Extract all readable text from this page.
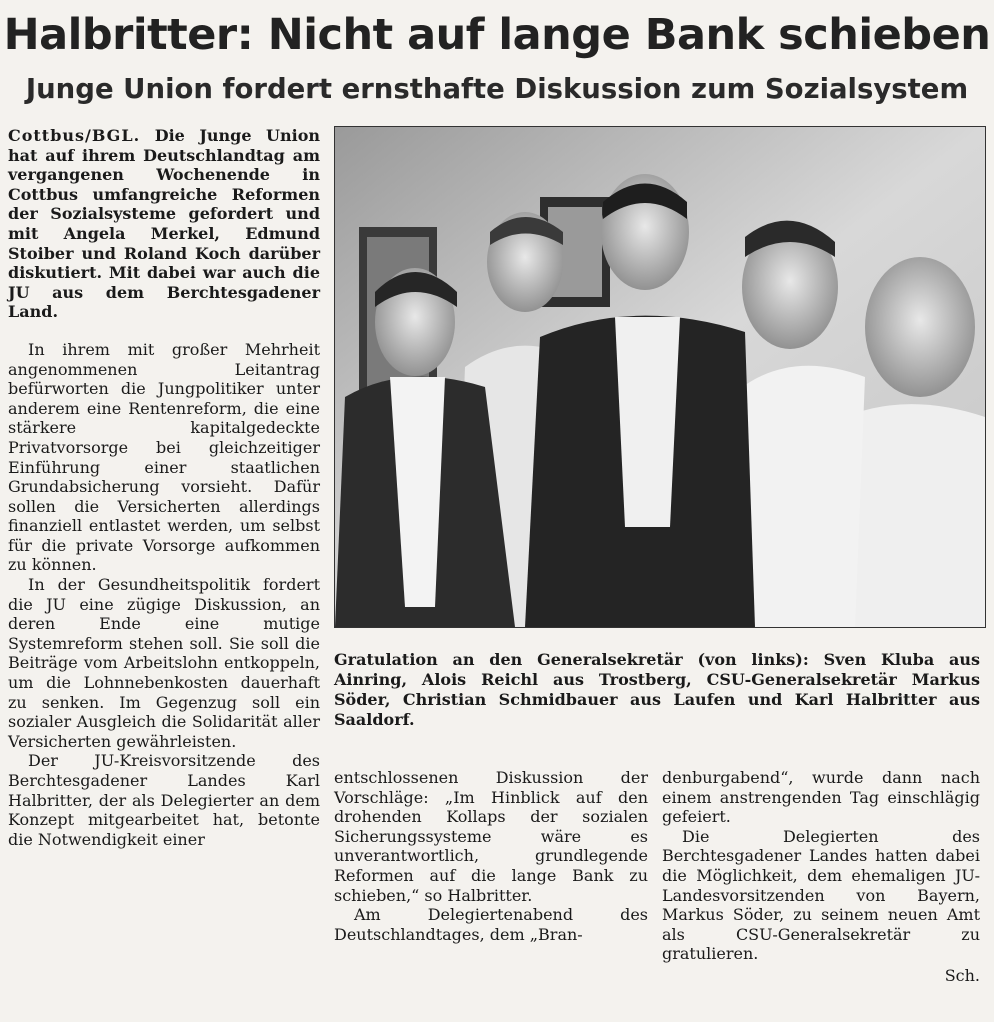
Halbritter: Nicht auf lange Bank schieben
Junge Union fordert ernsthafte Diskussion zum Sozialsystem

Cottbus/BGL. Die Junge Union hat auf ihrem Deutschlandtag am vergangenen Wochenende in Cottbus umfangreiche Reformen der Sozialsysteme gefordert und mit Angela Merkel, Edmund Stoiber und Roland Koch darüber diskutiert. Mit dabei war auch die JU aus dem Berchtesgadener Land.

In ihrem mit großer Mehrheit angenommenen Leitantrag befürworten die Jungpolitiker unter anderem eine Rentenreform, die eine stärkere kapitalgedeckte Privatvorsorge bei gleichzeitiger Einführung einer staatlichen Grundabsicherung vorsieht. Dafür sollen die Versicherten allerdings finanziell entlastet werden, um selbst für die private Vorsorge aufkommen zu können.

In der Gesundheitspolitik fordert die JU eine zügige Diskussion, an deren Ende eine mutige Systemreform stehen soll. Sie soll die Beiträge vom Arbeitslohn entkoppeln, um die Lohnnebenkosten dauerhaft zu senken. Im Gegenzug soll ein sozialer Ausgleich die Solidarität aller Versicherten gewährleisten.

Der JU-Kreisvorsitzende des Berchtesgadener Landes Karl Halbritter, der als Delegierter an dem Konzept mitgearbeitet hat, betonte die Notwendigkeit einer

Gratulation an den Generalsekretär (von links): Sven Kluba aus Ainring, Alois Reichl aus Trostberg, CSU-Generalsekretär Markus Söder, Christian Schmidbauer aus Laufen und Karl Halbritter aus Saaldorf.

entschlossenen Diskussion der Vorschläge: „Im Hinblick auf den drohenden Kollaps der sozialen Sicherungssysteme wäre es unverantwortlich, grundlegende Reformen auf die lange Bank zu schieben,“ so Halbritter.

Am Delegiertenabend des Deutschlandtages, dem „Bran-

denburgabend“, wurde dann nach einem anstrengenden Tag einschlägig gefeiert.

Die Delegierten des Berchtesgadener Landes hatten dabei die Möglichkeit, dem ehemaligen JU-Landesvorsitzenden von Bayern, Markus Söder, zu seinem neuen Amt als CSU-Generalsekretär zu gratulieren.

Sch.
